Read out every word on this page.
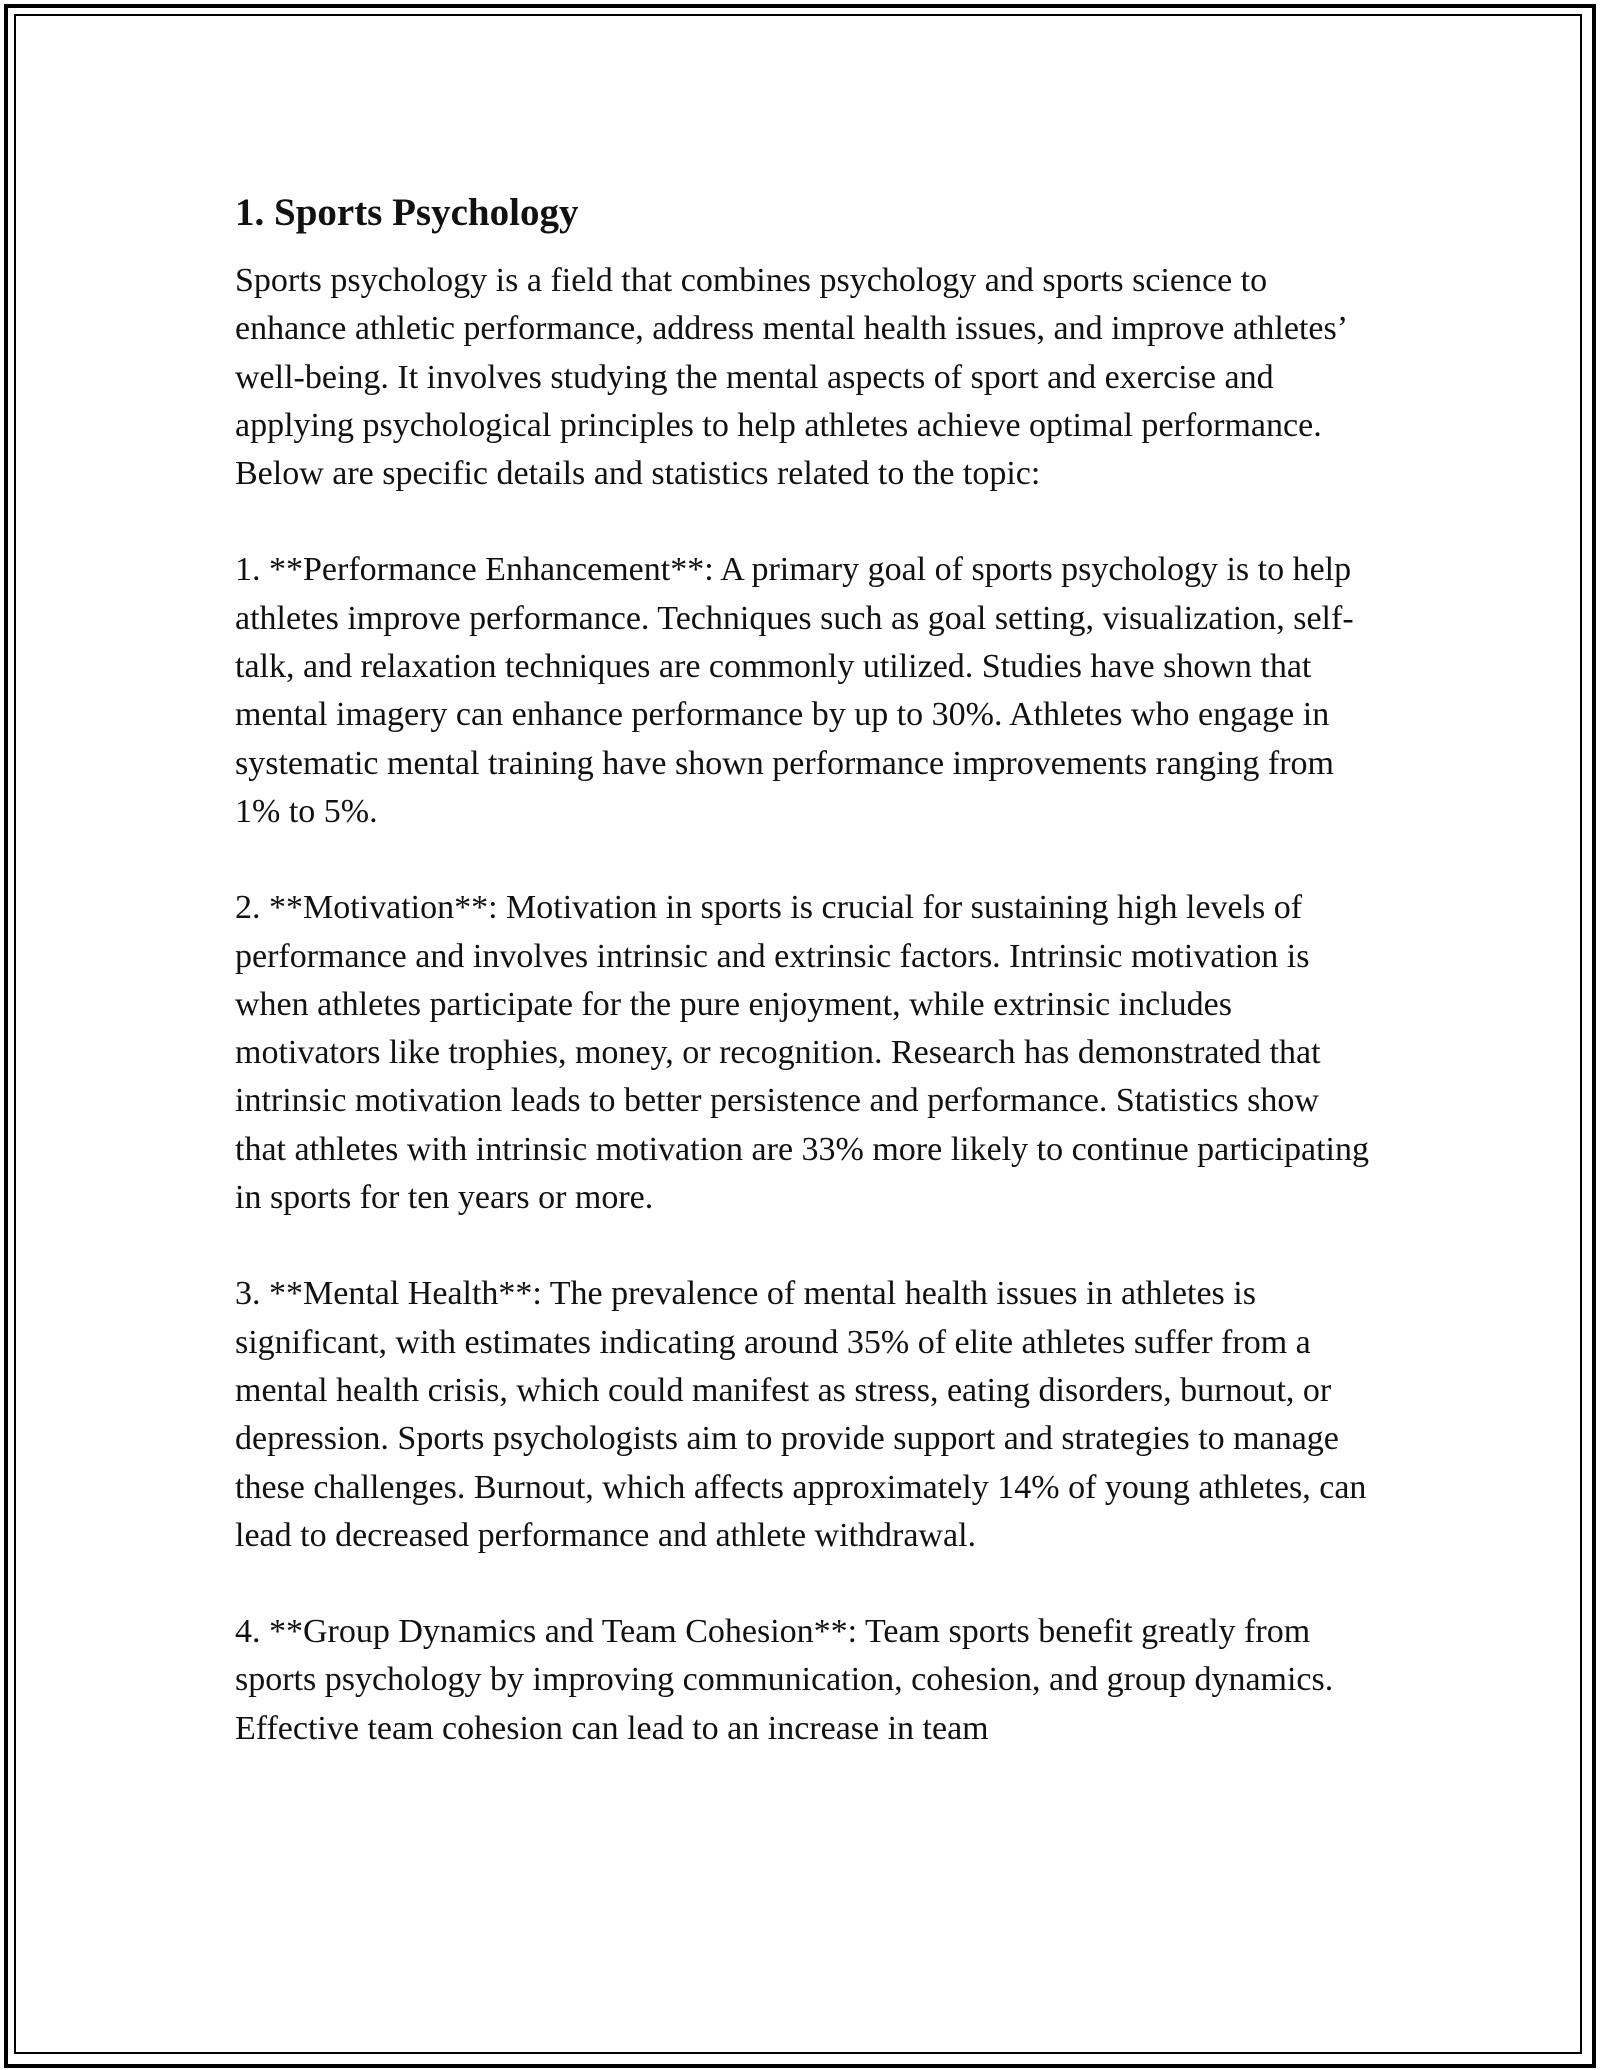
1. Sports Psychology

Sports psychology is a field that combines psychology and sports science to enhance athletic performance, address mental health issues, and improve athletes’ well-being. It involves studying the mental aspects of sport and exercise and applying psychological principles to help athletes achieve optimal performance. Below are specific details and statistics related to the topic:

1. **Performance Enhancement**: A primary goal of sports psychology is to help athletes improve performance. Techniques such as goal setting, visualization, self-talk, and relaxation techniques are commonly utilized. Studies have shown that mental imagery can enhance performance by up to 30%. Athletes who engage in systematic mental training have shown performance improvements ranging from 1% to 5%.

2. **Motivation**: Motivation in sports is crucial for sustaining high levels of performance and involves intrinsic and extrinsic factors. Intrinsic motivation is when athletes participate for the pure enjoyment, while extrinsic includes motivators like trophies, money, or recognition. Research has demonstrated that intrinsic motivation leads to better persistence and performance. Statistics show that athletes with intrinsic motivation are 33% more likely to continue participating in sports for ten years or more.

3. **Mental Health**: The prevalence of mental health issues in athletes is significant, with estimates indicating around 35% of elite athletes suffer from a mental health crisis, which could manifest as stress, eating disorders, burnout, or depression. Sports psychologists aim to provide support and strategies to manage these challenges. Burnout, which affects approximately 14% of young athletes, can lead to decreased performance and athlete withdrawal.

4. **Group Dynamics and Team Cohesion**: Team sports benefit greatly from sports psychology by improving communication, cohesion, and group dynamics. Effective team cohesion can lead to an increase in team
